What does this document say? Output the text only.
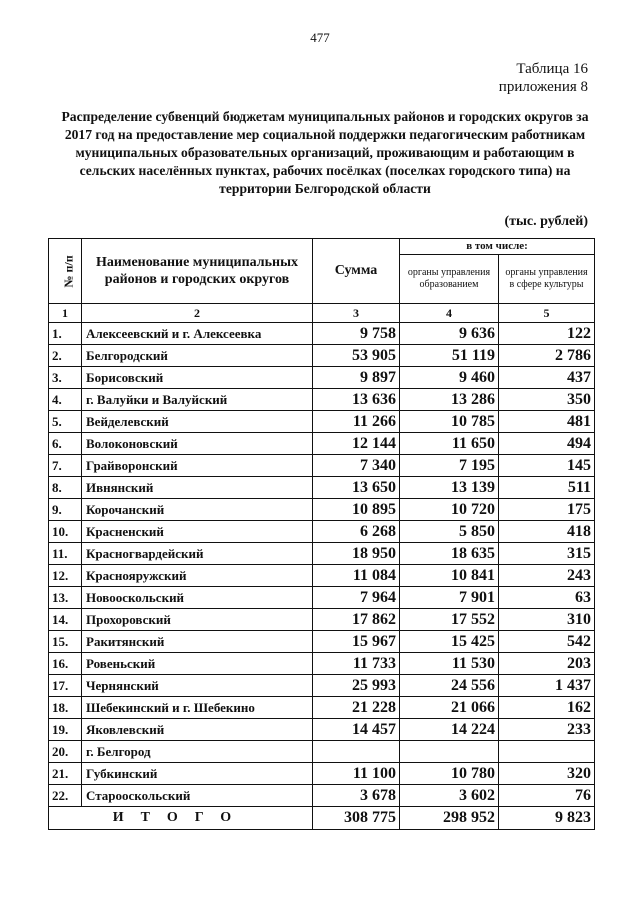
477
Таблица 16
приложения 8
Распределение субвенций бюджетам муниципальных районов и городских округов за 2017 год на предоставление мер социальной поддержки педагогическим работникам муниципальных образовательных организаций, проживающим и работающим в сельских населённых пунктах, рабочих посёлках (поселках городского типа) на территории Белгородской области
(тыс. рублей)
№ п/п	Наименование муниципальных районов и городских округов	Сумма	в том числе:	
			органы управления образованием	органы управления в сфере культуры
1	2	3	4	5
1.	Алексеевский и г. Алексеевка	9 758	9 636	122
2.	Белгородский	53 905	51 119	2 786
3.	Борисовский	9 897	9 460	437
4.	г. Валуйки и Валуйский	13 636	13 286	350
5.	Вейделевский	11 266	10 785	481
6.	Волоконовский	12 144	11 650	494
7.	Грайворонский	7 340	7 195	145
8.	Ивнянский	13 650	13 139	511
9.	Корочанский	10 895	10 720	175
10.	Красненский	6 268	5 850	418
11.	Красногвардейский	18 950	18 635	315
12.	Краснояружский	11 084	10 841	243
13.	Новооскольский	7 964	7 901	63
14.	Прохоровский	17 862	17 552	310
15.	Ракитянский	15 967	15 425	542
16.	Ровеньский	11 733	11 530	203
17.	Чернянский	25 993	24 556	1 437
18.	Шебекинский и г. Шебекино	21 228	21 066	162
19.	Яковлевский	14 457	14 224	233
20.	г. Белгород			
21.	Губкинский	11 100	10 780	320
22.	Старооскольский	3 678	3 602	76
ИТОГО		308 775	298 952	9 823
